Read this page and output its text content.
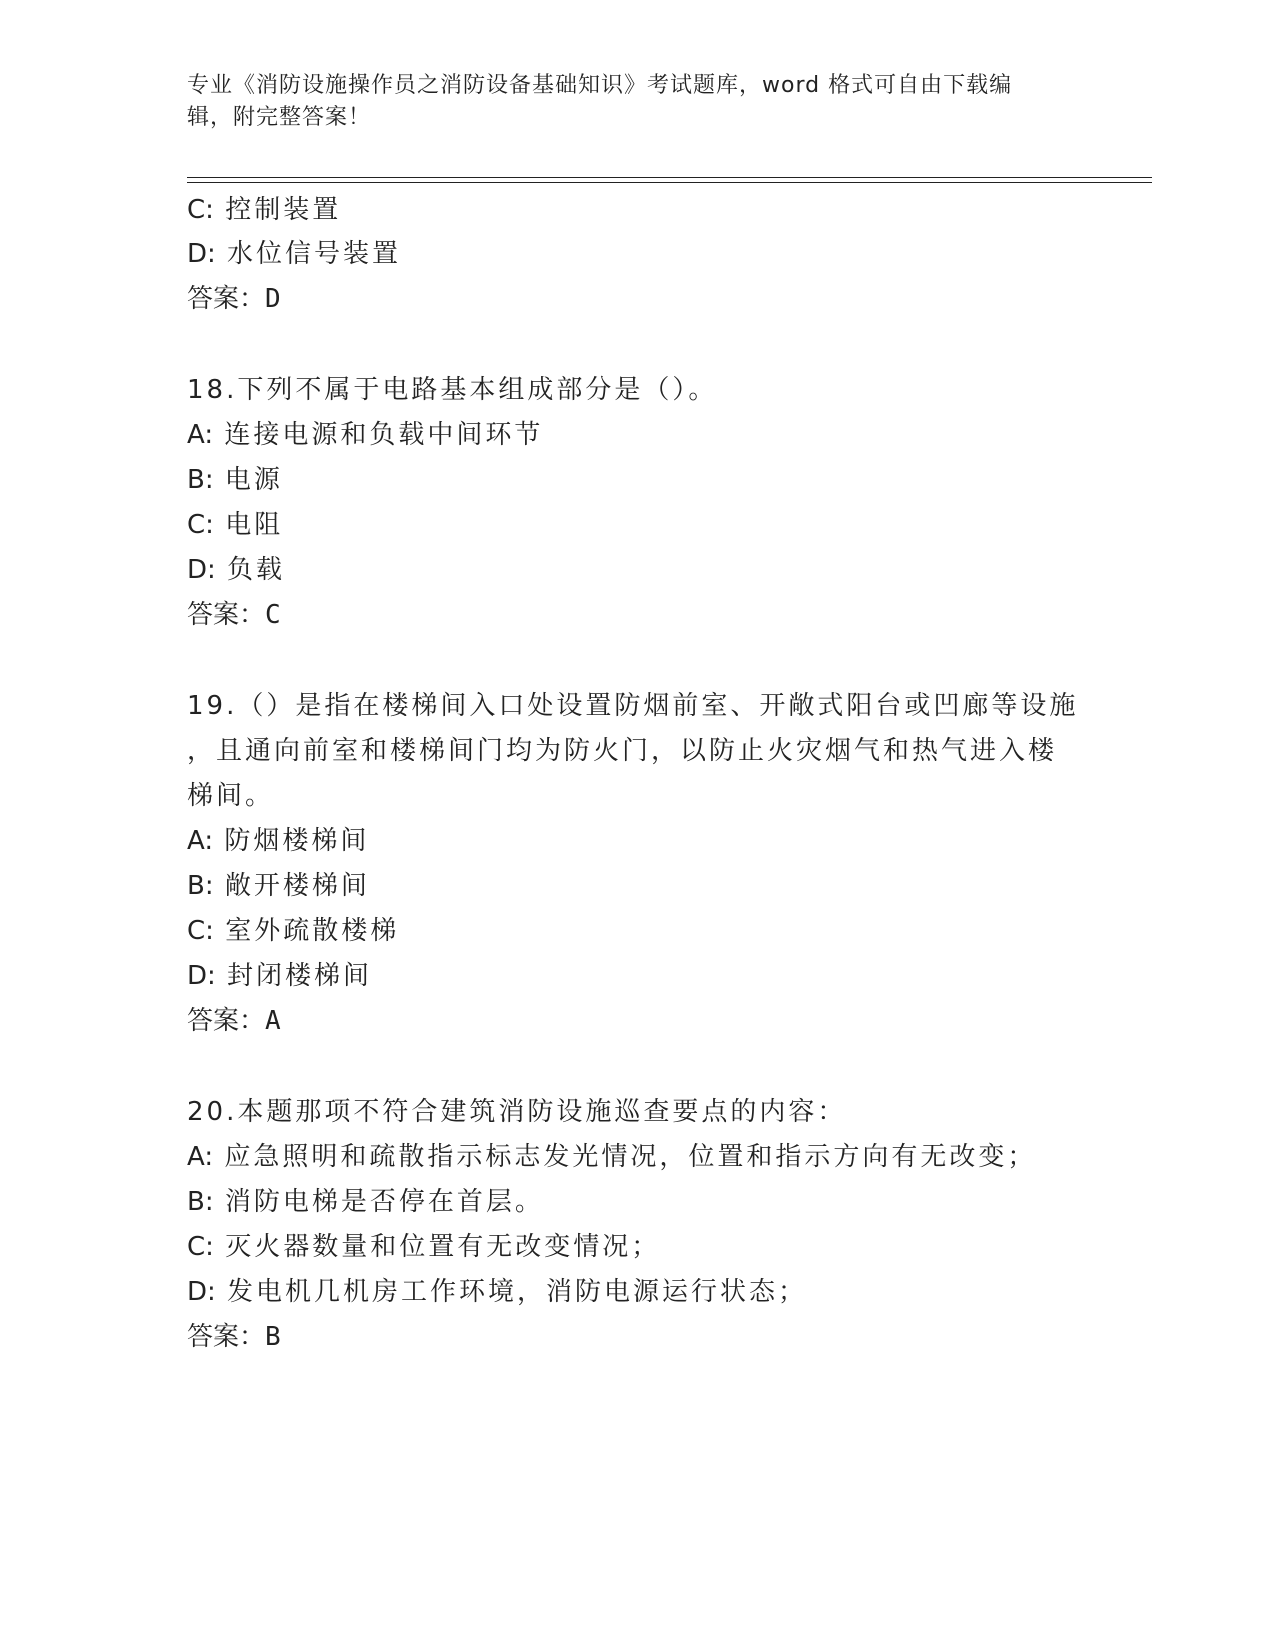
专业《消防设施操作员之消防设备基础知识》考试题库，word 格式可自由下载编
辑，附完整答案！
C: 控制装置
D: 水位信号装置
答案：D
18.下列不属于电路基本组成部分是（）。
A: 连接电源和负载中间环节
B: 电源
C: 电阻
D: 负载
答案：C
19.（）是指在楼梯间入口处设置防烟前室、开敞式阳台或凹廊等设施
，且通向前室和楼梯间门均为防火门，以防止火灾烟气和热气进入楼
梯间。
A: 防烟楼梯间
B: 敞开楼梯间
C: 室外疏散楼梯
D: 封闭楼梯间
答案：A
20.本题那项不符合建筑消防设施巡查要点的内容：
A: 应急照明和疏散指示标志发光情况，位置和指示方向有无改变；
B: 消防电梯是否停在首层。
C: 灭火器数量和位置有无改变情况；
D: 发电机几机房工作环境，消防电源运行状态；
答案：B
